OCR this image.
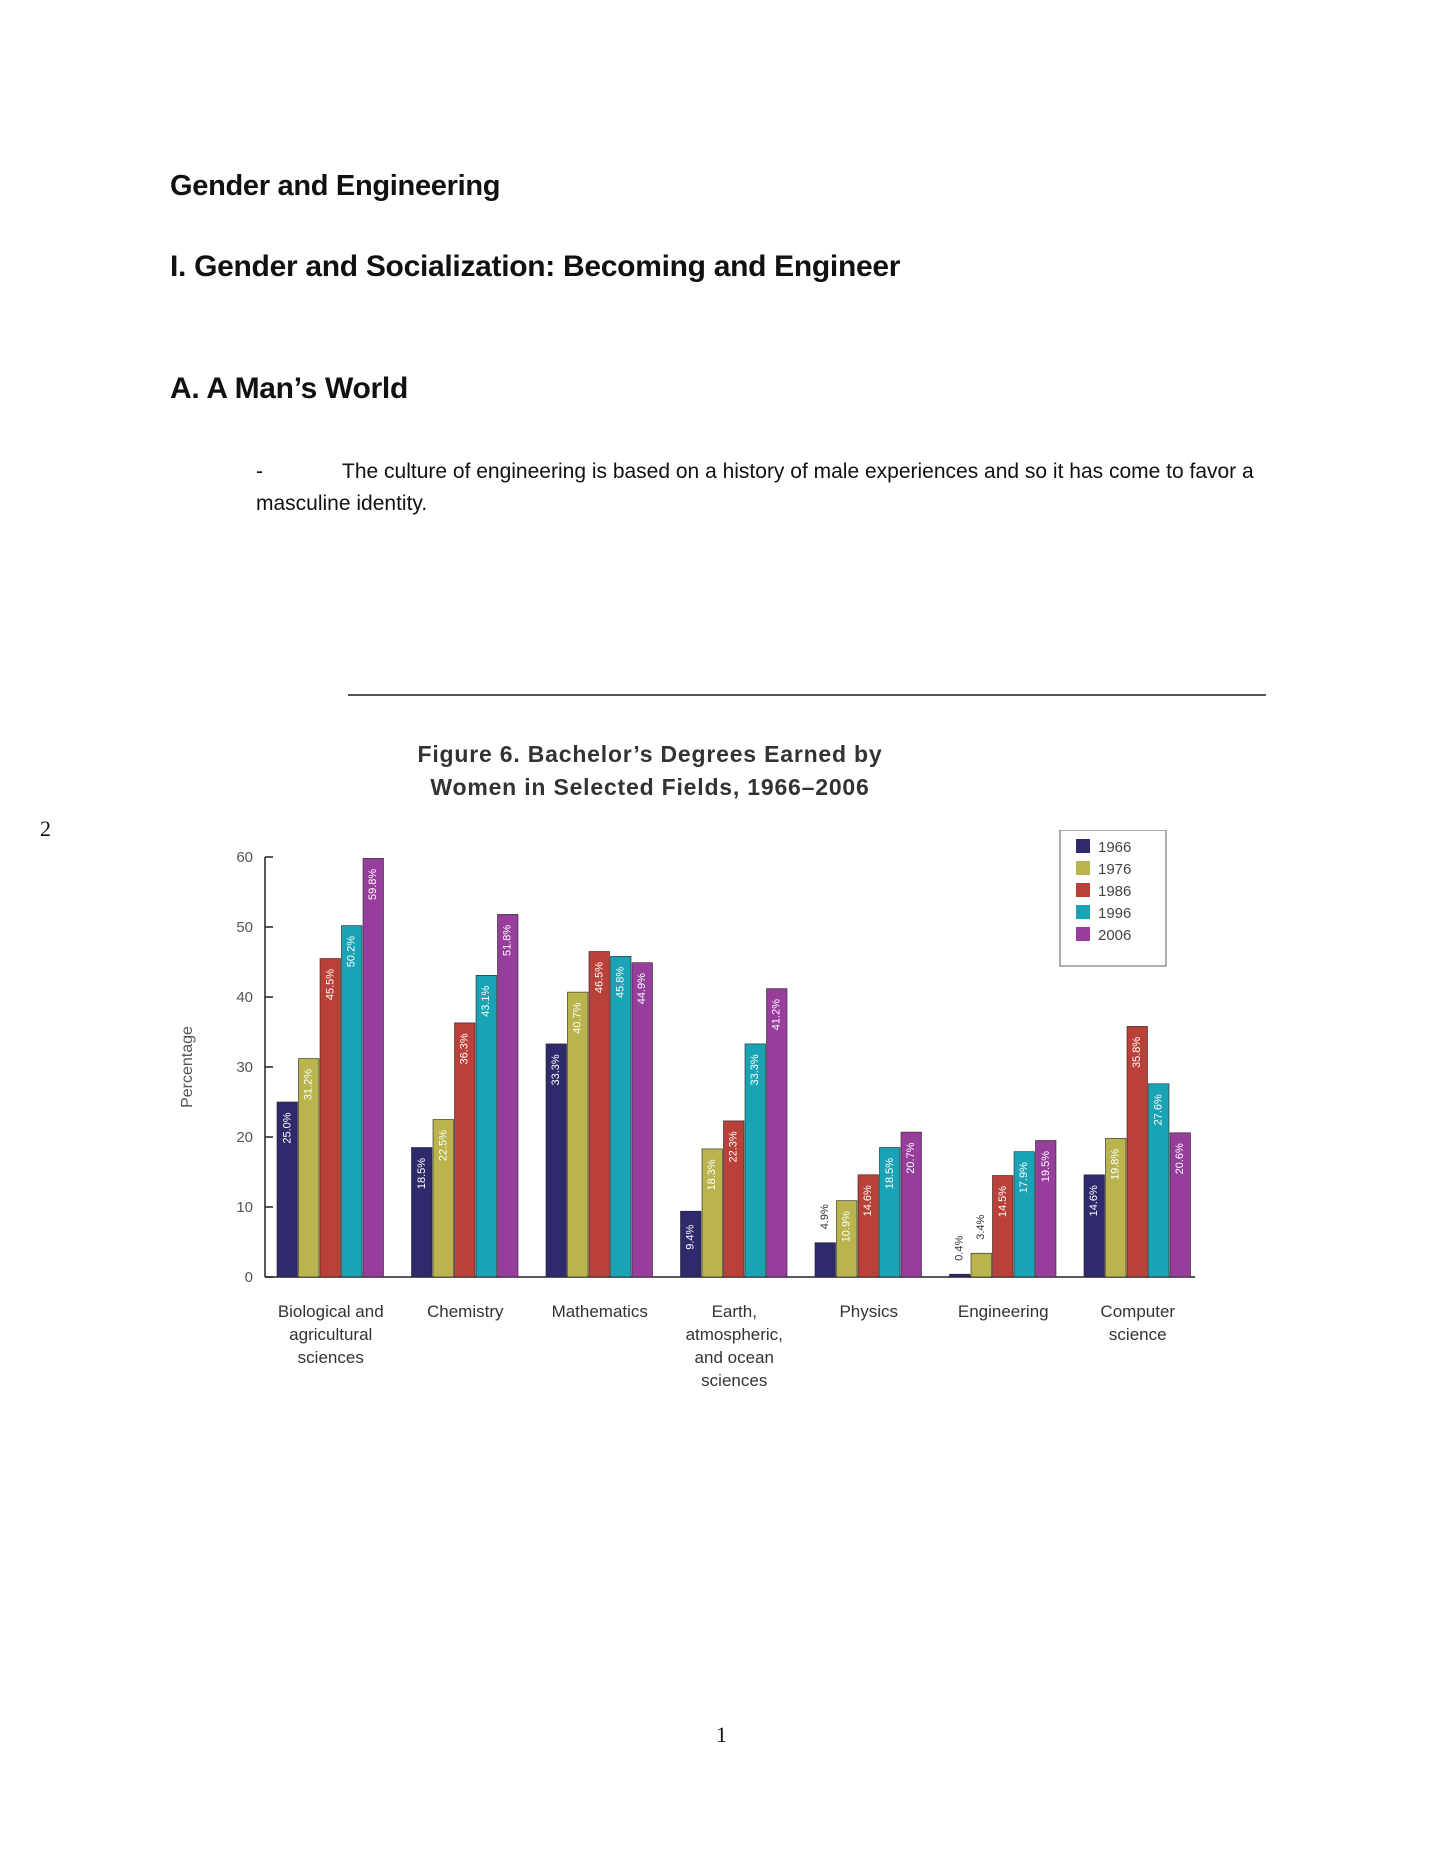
Gender and Engineering
I. Gender and Socialization: Becoming and Engineer
A. A Man’s World
-	The culture of engineering is based on a history of male experiences and so it has come to favor a masculine identity.
2
Figure 6. Bachelor’s Degrees Earned by
Women in Selected Fields, 1966–2006
Percentage
0
10
20
30
40
50
60
25.0%
31.2%
45.5%
50.2%
59.8%
Biological and
agricultural
sciences
18.5%
22.5%
36.3%
43.1%
51.8%
Chemistry
33.3%
40.7%
46.5% 45.8% 44.9%
Mathematics
9.4%
18.3%
22.3%
33.3%
41.2%
Earth,
atmospheric,
and ocean
sciences
4.9% 10.9%
14.6%
18.5% 20.7%
Physics
0.4%
3.4%
14.5%
17.9% 19.5%
Engineering
14.6%
19.8%
35.8%
27.6%
20.6%
Computer
science
1966
1976
1986
1996
2006
1
